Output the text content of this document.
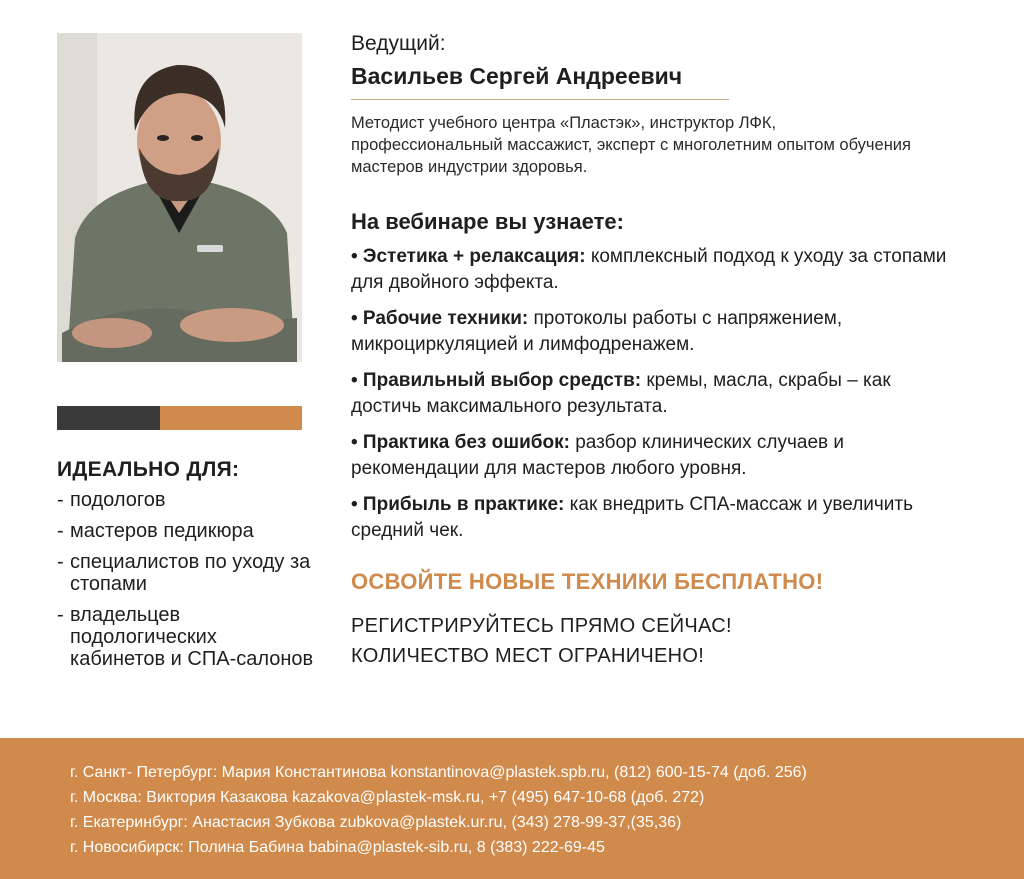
ИДЕАЛЬНО ДЛЯ:
- подологов
- мастеров педикюра
- специалистов по уходу за стопами
- владельцев подологических кабинетов и СПА-салонов

Ведущий:

Васильев Сергей Андреевич

Методист учебного центра «Пластэк», инструктор ЛФК, профессиональный массажист, эксперт с многолетним опытом обучения мастеров индустрии здоровья.
На вебинаре вы узнаете:
• Эстетика + релаксация: комплексный подход к уходу за стопами для двойного эффекта.
• Рабочие техники: протоколы работы с напряжением, микроциркуляцией и лимфодренажем.
• Правильный выбор средств: кремы, масла, скрабы – как достичь максимального результата.
• Практика без ошибок: разбор клинических случаев и рекомендации для мастеров любого уровня.
• Прибыль в практике: как внедрить СПА-массаж и увеличить средний чек.
ОСВОЙТЕ НОВЫЕ ТЕХНИКИ БЕСПЛАТНО!
РЕГИСТРИРУЙТЕСЬ ПРЯМО СЕЙЧАС!
КОЛИЧЕСТВО МЕСТ ОГРАНИЧЕНО!
г. Санкт- Петербург: Мария Константинова konstantinova@plastek.spb.ru, (812) 600-15-74 (доб. 256)
г. Москва: Виктория Казакова kazakova@plastek-msk.ru, +7 (495) 647-10-68 (доб. 272)
г. Екатеринбург: Анастасия Зубкова zubkova@plastek.ur.ru, (343) 278-99-37,(35,36)
г. Новосибирск: Полина Бабина babina@plastek-sib.ru, 8 (383) 222-69-45
